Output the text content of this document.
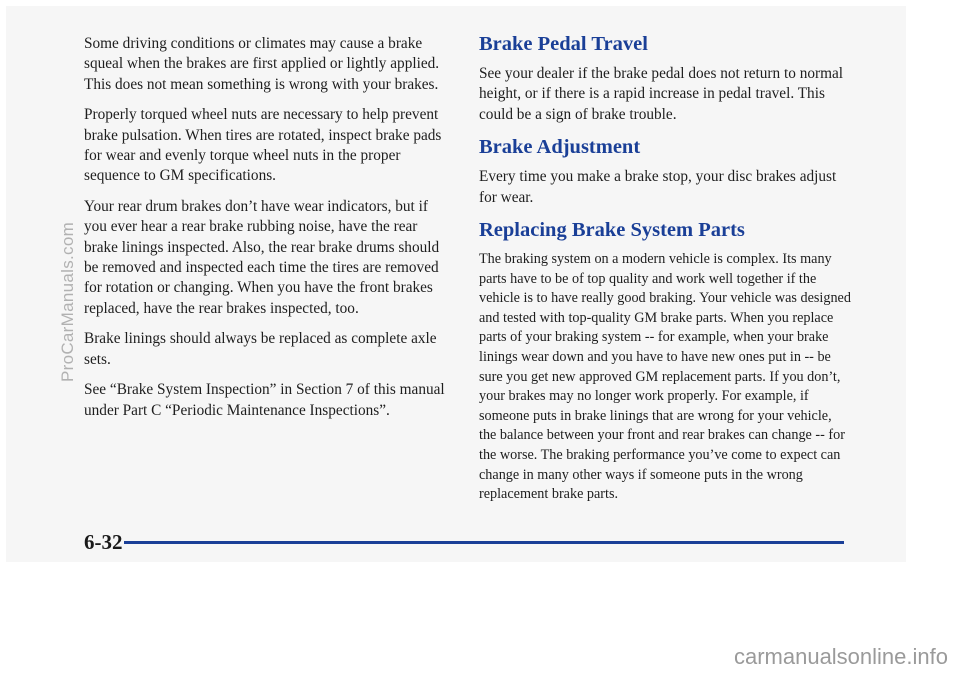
Some driving conditions or climates may cause a brake squeal when the brakes are first applied or lightly applied. This does not mean something is wrong with your brakes.

Properly torqued wheel nuts are necessary to help prevent brake pulsation. When tires are rotated, inspect brake pads for wear and evenly torque wheel nuts in the proper sequence to GM specifications.

Your rear drum brakes don’t have wear indicators, but if you ever hear a rear brake rubbing noise, have the rear brake linings inspected. Also, the rear brake drums should be removed and inspected each time the tires are removed for rotation or changing. When you have the front brakes replaced, have the rear brakes inspected, too.

Brake linings should always be replaced as complete axle sets.

See “Brake System Inspection” in Section 7 of this manual under Part C “Periodic Maintenance Inspections”.

Brake Pedal Travel

See your dealer if the brake pedal does not return to normal height, or if there is a rapid increase in pedal travel. This could be a sign of brake trouble.

Brake Adjustment

Every time you make a brake stop, your disc brakes adjust for wear.

Replacing Brake System Parts

The braking system on a modern vehicle is complex. Its many parts have to be of top quality and work well together if the vehicle is to have really good braking. Your vehicle was designed and tested with top-quality GM brake parts. When you replace parts of your braking system -- for example, when your brake linings wear down and you have to have new ones put in -- be sure you get new approved GM replacement parts. If you don’t, your brakes may no longer work properly. For example, if someone puts in brake linings that are wrong for your vehicle, the balance between your front and rear brakes can change -- for the worse. The braking performance you’ve come to expect can change in many other ways if someone puts in the wrong replacement brake parts.

6-32
ProCarManuals.com
carmanualsonline.info
